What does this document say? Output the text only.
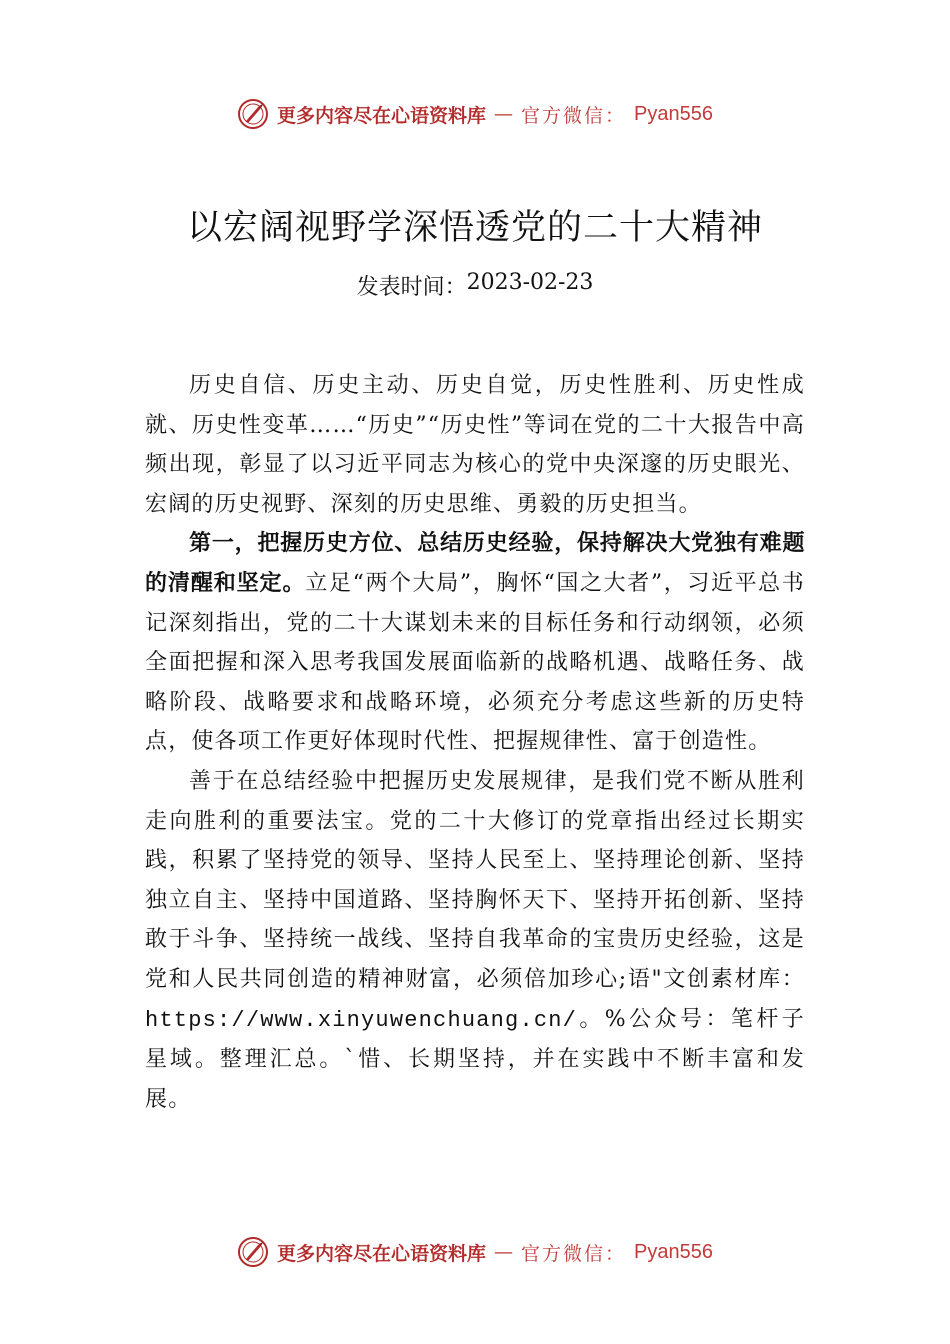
更多内容尽在心语资料库 — 官方微信： Pyan556
以宏阔视野学深悟透党的二十大精神
发表时间： 2023-02-23

历史自信、历史主动、历史自觉，历史性胜利、历史性成就、历史性变革……“历史”“历史性”等词在党的二十大报告中高频出现，彰显了以习近平同志为核心的党中央深邃的历史眼光、宏阔的历史视野、深刻的历史思维、勇毅的历史担当。

第一，把握历史方位、总结历史经验，保持解决大党独有难题的清醒和坚定。立足“两个大局”，胸怀“国之大者”，习近平总书记深刻指出，党的二十大谋划未来的目标任务和行动纲领，必须全面把握和深入思考我国发展面临新的战略机遇、战略任务、战略阶段、战略要求和战略环境，必须充分考虑这些新的历史特点，使各项工作更好体现时代性、把握规律性、富于创造性。

善于在总结经验中把握历史发展规律，是我们党不断从胜利走向胜利的重要法宝。党的二十大修订的党章指出经过长期实践，积累了坚持党的领导、坚持人民至上、坚持理论创新、坚持独立自主、坚持中国道路、坚持胸怀天下、坚持开拓创新、坚持敢于斗争、坚持统一战线、坚持自我革命的宝贵历史经验，这是党和人民共同创造的精神财富，必须倍加珍心;语"文创素材库：https://www.xinyuwenchuang.cn/。%公众号：笔杆子星域。整理汇总。`惜、长期坚持，并在实践中不断丰富和发展。

更多内容尽在心语资料库 — 官方微信： Pyan556
